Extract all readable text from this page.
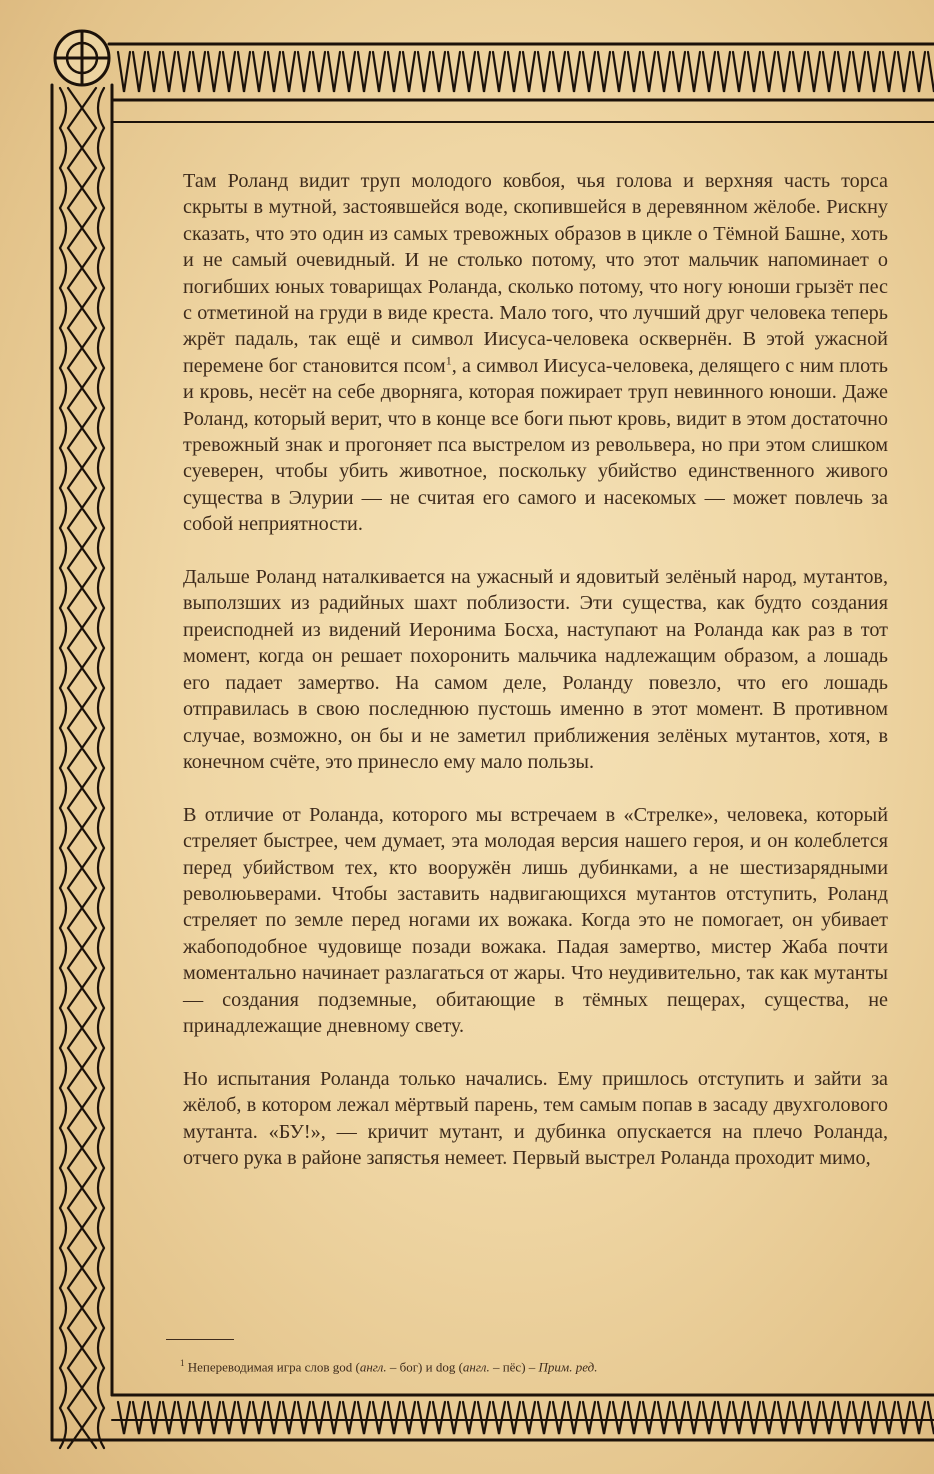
Там Роланд видит труп молодого ковбоя, чья голова и верхняя часть торса скрыты в мутной, застоявшейся воде, скопившейся в деревянном жёлобе. Рискну сказать, что это один из самых тревожных образов в цикле о Тёмной Башне, хоть и не самый очевидный. И не столько потому, что этот мальчик напоминает о погибших юных товарищах Роланда, сколько потому, что ногу юноши грызёт пес с отметиной на груди в виде креста. Мало того, что лучший друг человека теперь жрёт падаль, так ещё и символ Иисуса-человека осквернён. В этой ужасной перемене бог становится псом$^1$, а символ Иисуса-человека, делящего с ним плоть и кровь, несёт на себе дворняга, которая пожирает труп невинного юноши. Даже Роланд, который верит, что в конце все боги пьют кровь, видит в этом достаточно тревожный знак и прогоняет пса выстрелом из револьвера, но при этом слишком суеверен, чтобы убить животное, поскольку убийство единственного живого существа в Элурии — не считая его самого и насекомых — может повлечь за собой неприятности.

Дальше Роланд наталкивается на ужасный и ядовитый зелёный народ, мутантов, выползших из радийных шахт поблизости. Эти существа, как будто создания преисподней из видений Иеронима Босха, наступают на Роланда как раз в тот момент, когда он решает похоронить мальчика надлежащим образом, а лошадь его падает замертво. На самом деле, Роланду повезло, что его лошадь отправилась в свою последнюю пустошь именно в этот момент. В противном случае, возможно, он бы и не заметил приближения зелёных мутантов, хотя, в конечном счёте, это принесло ему мало пользы.

В отличие от Роланда, которого мы встречаем в «Стрелке», человека, который стреляет быстрее, чем думает, эта молодая версия нашего героя, и он колеблется перед убийством тех, кто вооружён лишь дубинками, а не шестизарядными революьверами. Чтобы заставить надвигающихся мутантов отступить, Роланд стреляет по земле перед ногами их вожака. Когда это не помогает, он убивает жабоподобное чудовище позади вожака. Падая замертво, мистер Жаба почти моментально начинает разлагаться от жары. Что неудивительно, так как мутанты — создания подземные, обитающие в тёмных пещерах, существа, не принадлежащие дневному свету.

Но испытания Роланда только начались. Ему пришлось отступить и зайти за жёлоб, в котором лежал мёртвый парень, тем самым попав в засаду двухголового мутанта. «БУ!», — кричит мутант, и дубинка опускается на плечо Роланда, отчего рука в районе запястья немеет. Первый выстрел Роланда проходит мимо,

$^1$ Непереводимая игра слов god (англ. – бог) и dog (англ. – пёс) – Прим. ред.
